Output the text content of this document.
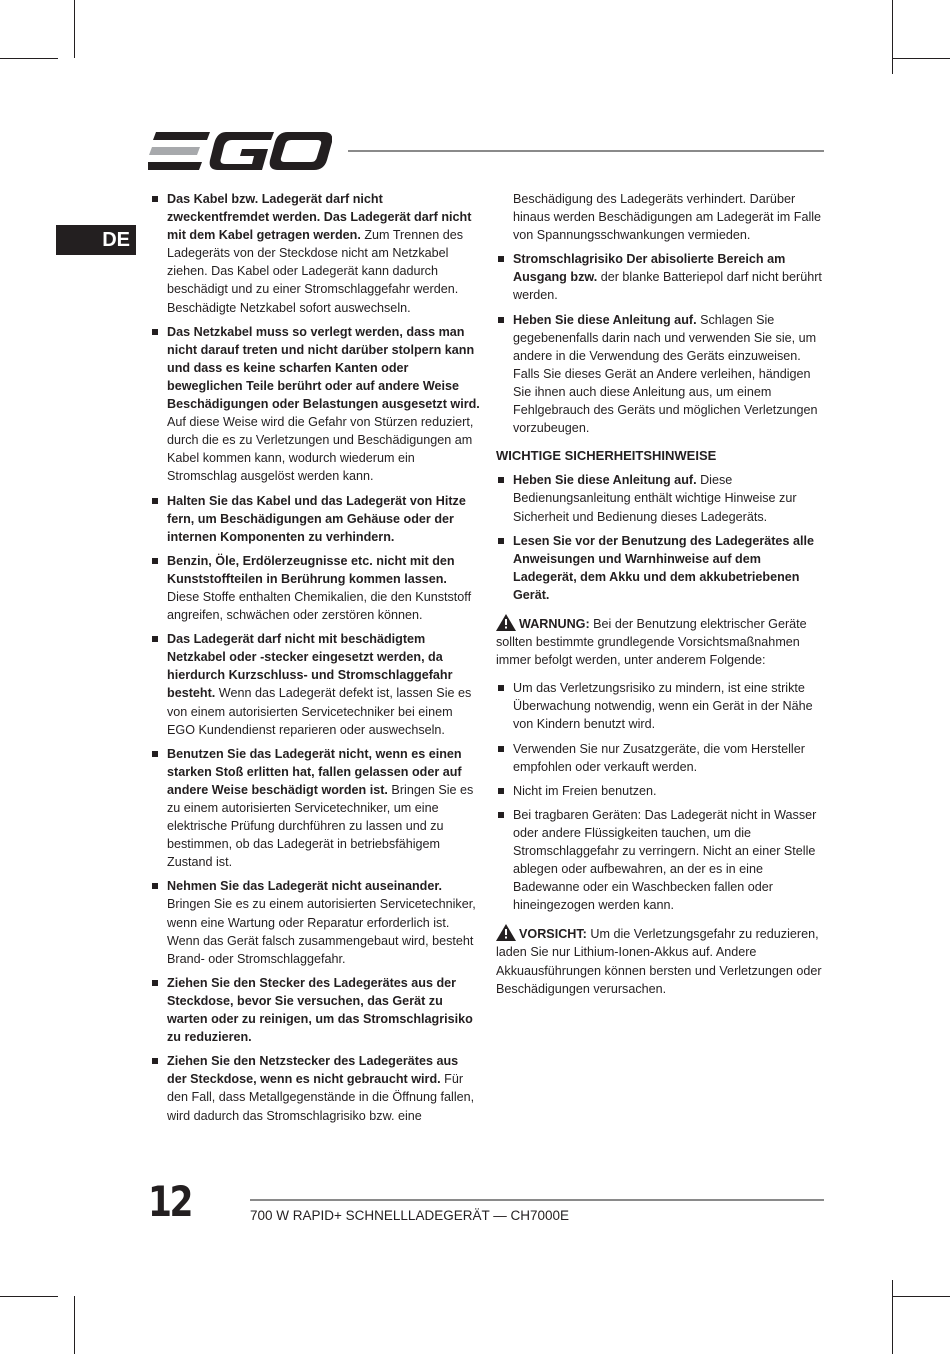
DE
Das Kabel bzw. Ladegerät darf nicht zweckentfremdet werden. Das Ladegerät darf nicht mit dem Kabel getragen werden. Zum Trennen des Ladegeräts von der Steckdose nicht am Netzkabel ziehen. Das Kabel oder Ladegerät kann dadurch beschädigt und zu einer Stromschlaggefahr werden. Beschädigte Netzkabel sofort auswechseln.
Das Netzkabel muss so verlegt werden, dass man nicht darauf treten und nicht darüber stolpern kann und dass es keine scharfen Kanten oder beweglichen Teile berührt oder auf andere Weise Beschädigungen oder Belastungen ausgesetzt wird. Auf diese Weise wird die Gefahr von Stürzen reduziert, durch die es zu Verletzungen und Beschädigungen am Kabel kommen kann, wodurch wiederum ein Stromschlag ausgelöst werden kann.
Halten Sie das Kabel und das Ladegerät von Hitze fern, um Beschädigungen am Gehäuse oder der internen Komponenten zu verhindern.
Benzin, Öle, Erdölerzeugnisse etc. nicht mit den Kunststoffteilen in Berührung kommen lassen. Diese Stoffe enthalten Chemikalien, die den Kunststoff angreifen, schwächen oder zerstören können.
Das Ladegerät darf nicht mit beschädigtem Netzkabel oder -stecker eingesetzt werden, da hierdurch Kurzschluss- und Stromschlaggefahr besteht. Wenn das Ladegerät defekt ist, lassen Sie es von einem autorisierten Servicetechniker bei einem EGO Kundendienst reparieren oder auswechseln.
Benutzen Sie das Ladegerät nicht, wenn es einen starken Stoß erlitten hat, fallen gelassen oder auf andere Weise beschädigt worden ist. Bringen Sie es zu einem autorisierten Servicetechniker, um eine elektrische Prüfung durchführen zu lassen und zu bestimmen, ob das Ladegerät in betriebsfähigem Zustand ist.
Nehmen Sie das Ladegerät nicht auseinander. Bringen Sie es zu einem autorisierten Servicetechniker, wenn eine Wartung oder Reparatur erforderlich ist. Wenn das Gerät falsch zusammengebaut wird, besteht Brand- oder Stromschlaggefahr.
Ziehen Sie den Stecker des Ladegerätes aus der Steckdose, bevor Sie versuchen, das Gerät zu warten oder zu reinigen, um das Stromschlagrisiko zu reduzieren.
Ziehen Sie den Netzstecker des Ladegerätes aus der Steckdose, wenn es nicht gebraucht wird. Für den Fall, dass Metallgegenstände in die Öffnung fallen, wird dadurch das Stromschlagrisiko bzw. eine
Beschädigung des Ladegeräts verhindert. Darüber hinaus werden Beschädigungen am Ladegerät im Falle von Spannungsschwankungen vermieden.
Stromschlagrisiko Der abisolierte Bereich am Ausgang bzw. der blanke Batteriepol darf nicht berührt werden.
Heben Sie diese Anleitung auf. Schlagen Sie gegebenenfalls darin nach und verwenden Sie sie, um andere in die Verwendung des Geräts einzuweisen. Falls Sie dieses Gerät an Andere verleihen, händigen Sie ihnen auch diese Anleitung aus, um einem Fehlgebrauch des Geräts und möglichen Verletzungen vorzubeugen.
WICHTIGE SICHERHEITSHINWEISE
Heben Sie diese Anleitung auf. Diese Bedienungsanleitung enthält wichtige Hinweise zur Sicherheit und Bedienung dieses Ladegeräts.
Lesen Sie vor der Benutzung des Ladegerätes alle Anweisungen und Warnhinweise auf dem Ladegerät, dem Akku und dem akkubetriebenen Gerät.
WARNUNG: Bei der Benutzung elektrischer Geräte sollten bestimmte grundlegende Vorsichtsmaßnahmen immer befolgt werden, unter anderem Folgende:
Um das Verletzungsrisiko zu mindern, ist eine strikte Überwachung notwendig, wenn ein Gerät in der Nähe von Kindern benutzt wird.
Verwenden Sie nur Zusatzgeräte, die vom Hersteller empfohlen oder verkauft werden.
Nicht im Freien benutzen.
Bei tragbaren Geräten: Das Ladegerät nicht in Wasser oder andere Flüssigkeiten tauchen, um die Stromschlaggefahr zu verringern. Nicht an einer Stelle ablegen oder aufbewahren, an der es in eine Badewanne oder ein Waschbecken fallen oder hineingezogen werden kann.
VORSICHT: Um die Verletzungsgefahr zu reduzieren, laden Sie nur Lithium-Ionen-Akkus auf. Andere Akkuausführungen können bersten und Verletzungen oder Beschädigungen verursachen.
12	700 W RAPID+ SCHNELLLADEGERÄT — CH7000E
